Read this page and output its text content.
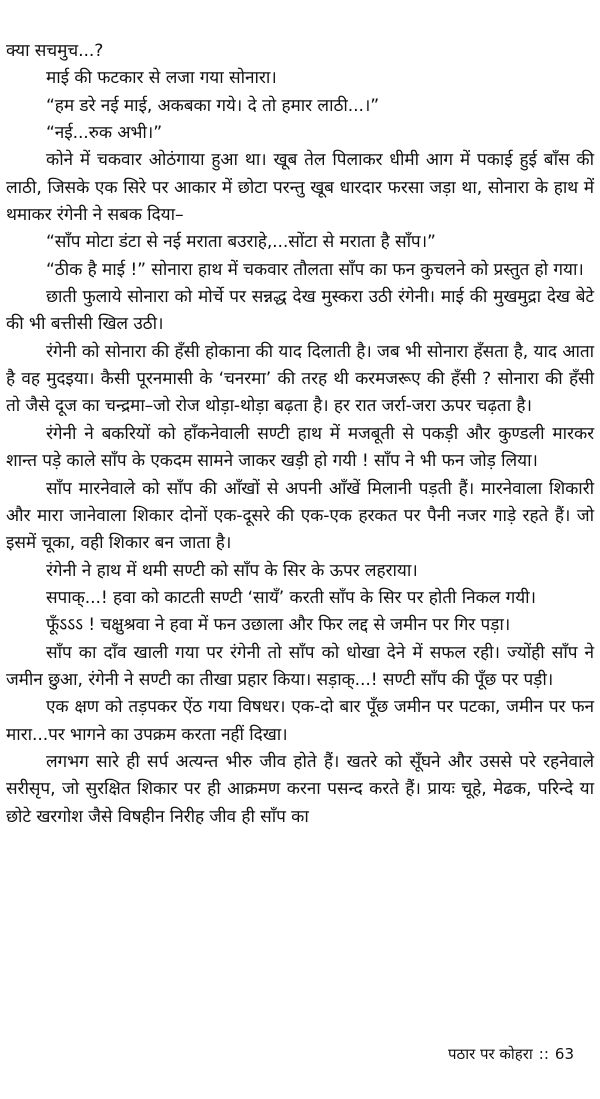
क्या सचमुच...?

माई की फटकार से लजा गया सोनारा।

“हम डरे नई माई, अकबका गये। दे तो हमार लाठी...।”

“नई...रुक अभी।”

कोने में चकवार ओठंगाया हुआ था। खूब तेल पिलाकर धीमी आग में पकाई हुई बाँस की लाठी, जिसके एक सिरे पर आकार में छोटा परन्तु खूब धारदार फरसा जड़ा था, सोनारा के हाथ में थमाकर रंगेनी ने सबक दिया–

“साँप मोटा डंटा से नई मराता बउराहे,...सोंटा से मराता है साँप।”

“ठीक है माई !” सोनारा हाथ में चकवार तौलता साँप का फन कुचलने को प्रस्तुत हो गया।

छाती फुलाये सोनारा को मोर्चे पर सन्नद्ध देख मुस्करा उठी रंगेनी। माई की मुखमुद्रा देख बेटे की भी बत्तीसी खिल उठी।

रंगेनी को सोनारा की हँसी होकाना की याद दिलाती है। जब भी सोनारा हँसता है, याद आता है वह मुदइया। कैसी पूरनमासी के ‘चनरमा’ की तरह थी करमजरूए की हँसी ? सोनारा की हँसी तो जैसे दूज का चन्द्रमा–जो रोज थोड़ा-थोड़ा बढ़ता है। हर रात जर्रा-जरा ऊपर चढ़ता है।

रंगेनी ने बकरियों को हाँकनेवाली सण्टी हाथ में मजबूती से पकड़ी और कुण्डली मारकर शान्त पड़े काले साँप के एकदम सामने जाकर खड़ी हो गयी ! साँप ने भी फन जोड़ लिया।

साँप मारनेवाले को साँप की आँखों से अपनी आँखें मिलानी पड़ती हैं। मारनेवाला शिकारी और मारा जानेवाला शिकार दोनों एक-दूसरे की एक-एक हरकत पर पैनी नजर गाड़े रहते हैं। जो इसमें चूका, वही शिकार बन जाता है।

रंगेनी ने हाथ में थमी सण्टी को साँप के सिर के ऊपर लहराया।

सपाक्...! हवा को काटती सण्टी ‘सायँ’ करती साँप के सिर पर होती निकल गयी।

फूँऽऽऽ ! चक्षुश्रवा ने हवा में फन उछाला और फिर लद्द से जमीन पर गिर पड़ा।

साँप का दाँव खाली गया पर रंगेनी तो साँप को धोखा देने में सफल रही। ज्योंही साँप ने जमीन छुआ, रंगेनी ने सण्टी का तीखा प्रहार किया। सड़ाक्...! सण्टी साँप की पूँछ पर पड़ी।

एक क्षण को तड़पकर ऐंठ गया विषधर। एक-दो बार पूँछ जमीन पर पटका, जमीन पर फन मारा...पर भागने का उपक्रम करता नहीं दिखा।

लगभग सारे ही सर्प अत्यन्त भीरु जीव होते हैं। खतरे को सूँघने और उससे परे रहनेवाले सरीसृप, जो सुरक्षित शिकार पर ही आक्रमण करना पसन्द करते हैं। प्रायः चूहे, मेढक, परिन्दे या छोटे खरगोश जैसे विषहीन निरीह जीव ही साँप का

पठार पर कोहरा :: 63
